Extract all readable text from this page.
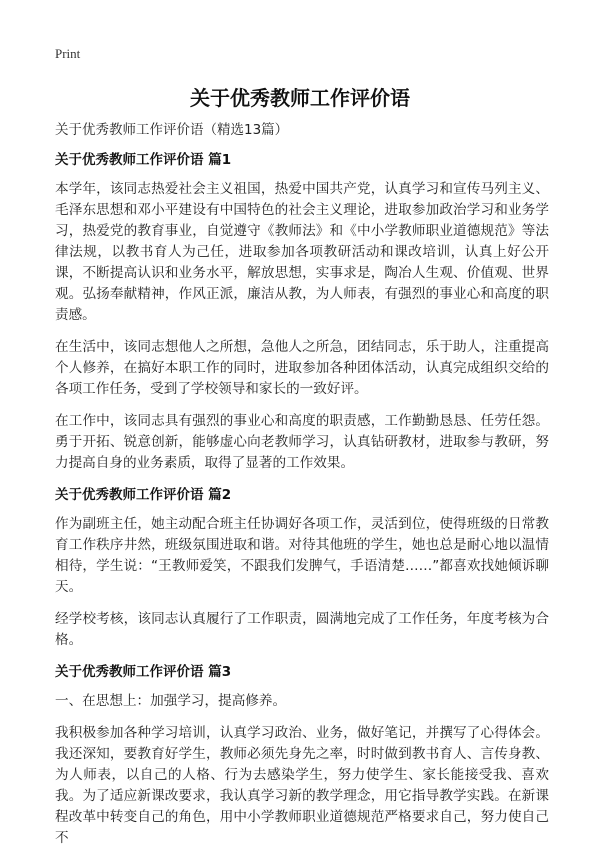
Print
关于优秀教师工作评价语
关于优秀教师工作评价语（精选13篇）
关于优秀教师工作评价语 篇1

本学年，该同志热爱社会主义祖国，热爱中国共产党，认真学习和宣传马列主义、毛泽东思想和邓小平建设有中国特色的社会主义理论，进取参加政治学习和业务学习，热爱党的教育事业，自觉遵守《教师法》和《中小学教师职业道德规范》等法律法规，以教书育人为己任，进取参加各项教研活动和课改培训，认真上好公开课，不断提高认识和业务水平，解放思想，实事求是，陶冶人生观、价值观、世界观。弘扬奉献精神，作风正派，廉洁从教，为人师表，有强烈的事业心和高度的职责感。

在生活中，该同志想他人之所想，急他人之所急，团结同志，乐于助人，注重提高个人修养，在搞好本职工作的同时，进取参加各种团体活动，认真完成组织交给的各项工作任务，受到了学校领导和家长的一致好评。

在工作中，该同志具有强烈的事业心和高度的职责感，工作勤勤恳恳、任劳任怨。勇于开拓、锐意创新，能够虚心向老教师学习，认真钻研教材，进取参与教研，努力提高自身的业务素质，取得了显著的工作效果。

关于优秀教师工作评价语 篇2

作为副班主任，她主动配合班主任协调好各项工作，灵活到位，使得班级的日常教育工作秩序井然，班级氛围进取和谐。对待其他班的学生，她也总是耐心地以温情相待，学生说：“王教师爱笑，不跟我们发脾气，手语清楚……”都喜欢找她倾诉聊天。

经学校考核，该同志认真履行了工作职责，圆满地完成了工作任务，年度考核为合格。

关于优秀教师工作评价语 篇3

一、在思想上：加强学习，提高修养。

我积极参加各种学习培训，认真学习政治、业务，做好笔记，并撰写了心得体会。我还深知，要教育好学生，教师必须先身先之率，时时做到教书育人、言传身教、为人师表，以自己的人格、行为去感染学生，努力使学生、家长能接受我、喜欢我。为了适应新课改要求，我认真学习新的教学理念，用它指导教学实践。在新课程改革中转变自己的角色，用中小学教师职业道德规范严格要求自己，努力使自己不
